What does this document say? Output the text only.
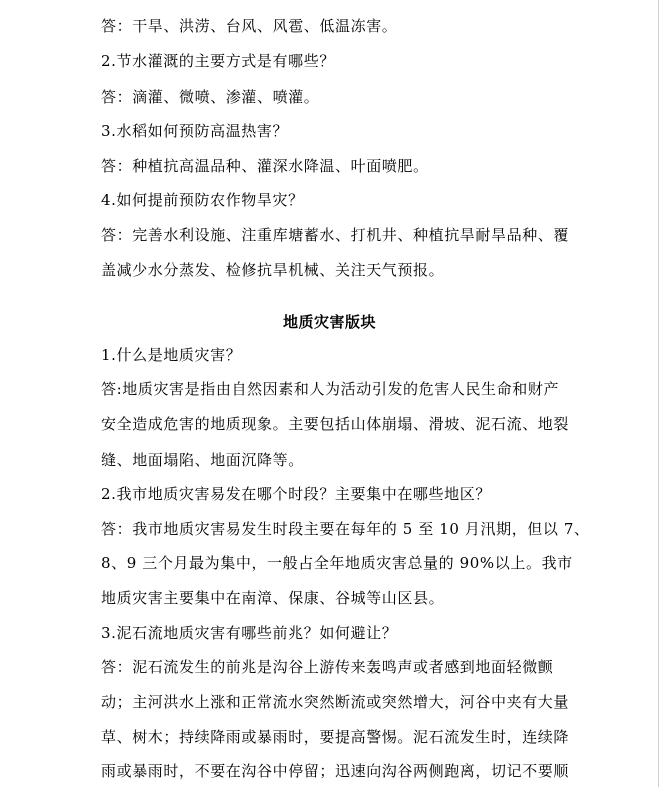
答：干旱、洪涝、台风、风雹、低温冻害。
2.节水灌溉的主要方式是有哪些？
答：滴灌、微喷、渗灌、喷灌。
3.水稻如何预防高温热害？
答：种植抗高温品种、灌深水降温、叶面喷肥。
4.如何提前预防农作物旱灾？
答：完善水利设施、注重库塘蓄水、打机井、种植抗旱耐旱品种、覆
盖减少水分蒸发、检修抗旱机械、关注天气预报。
地质灾害版块
1.什么是地质灾害？
答:地质灾害是指由自然因素和人为活动引发的危害人民生命和财产
安全造成危害的地质现象。主要包括山体崩塌、滑坡、泥石流、地裂
缝、地面塌陷、地面沉降等。
2.我市地质灾害易发在哪个时段？主要集中在哪些地区？
答：我市地质灾害易发生时段主要在每年的 5 至 10 月汛期，但以 7、
8、9 三个月最为集中，一般占全年地质灾害总量的 90%以上。我市
地质灾害主要集中在南漳、保康、谷城等山区县。
3.泥石流地质灾害有哪些前兆？如何避让？
答：泥石流发生的前兆是沟谷上游传来轰鸣声或者感到地面轻微颤
动；主河洪水上涨和正常流水突然断流或突然增大，河谷中夹有大量
草、树木；持续降雨或暴雨时，要提高警惕。泥石流发生时，连续降
雨或暴雨时，不要在沟谷中停留；迅速向沟谷两侧跑离，切记不要顺
